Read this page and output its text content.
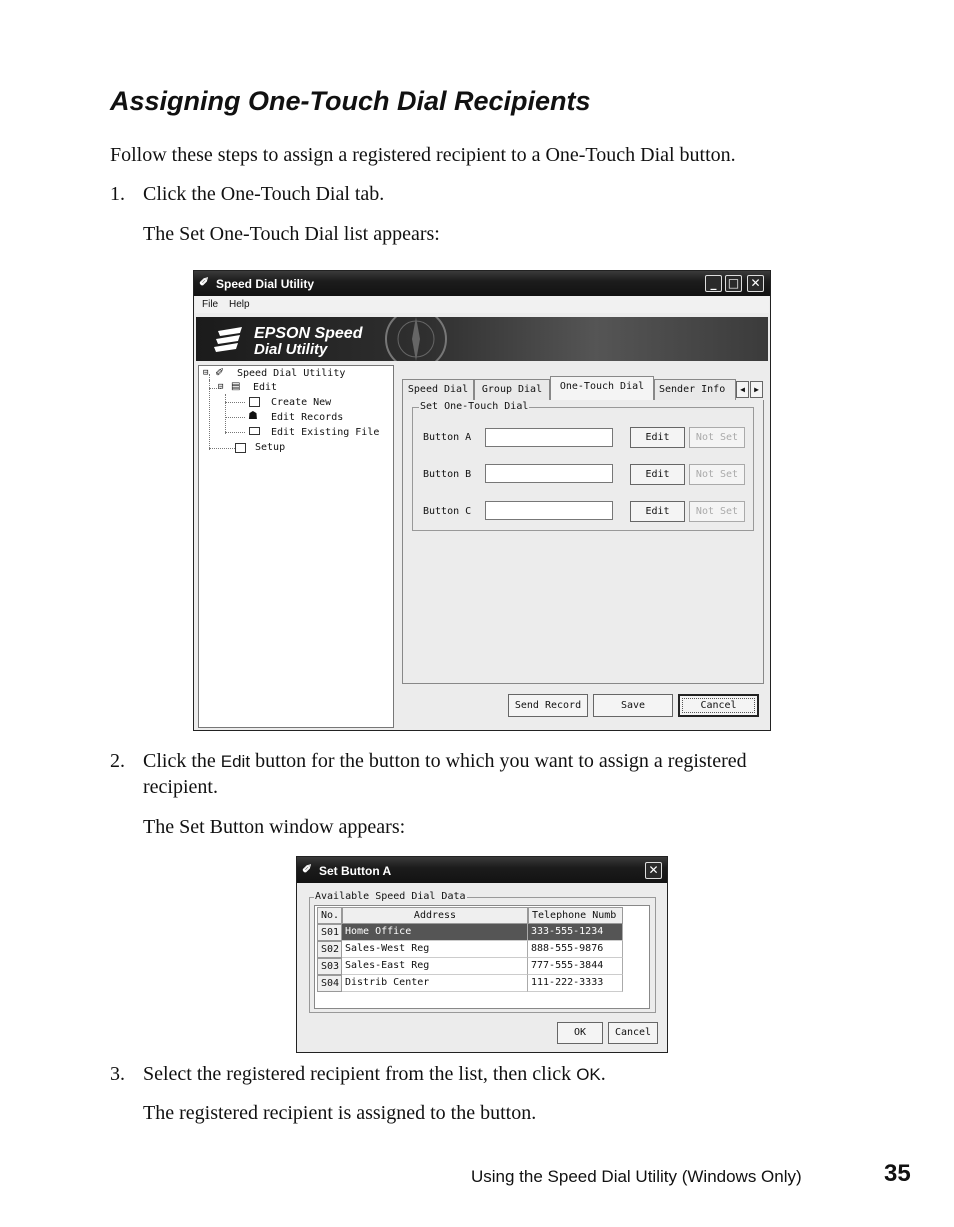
Assigning One-Touch Dial Recipients
Follow these steps to assign a registered recipient to a One-Touch Dial button.
1. Click the One-Touch Dial tab.
The Set One-Touch Dial list appears:
✐ Speed Dial Utility	_ □ ✕
File Help
EPSON Speed
Dial Utility
⊟ ✐ Speed Dial Utility
⊟ ▤ Edit
Create New
☗ Edit Records
Edit Existing File
Setup
Speed Dial	Group Dial	One-Touch Dial	Sender Info	◀	▶
Set One-Touch Dial
Button A	Edit	Not Set
Button B	Edit	Not Set
Button C	Edit	Not Set
Send Record	Save	Cancel
2. Click the Edit button for the button to which you want to assign a registered
recipient.
The Set Button window appears:
✐ Set Button A	✕
Available Speed Dial Data
No.	Address	Telephone Numb
S01 Home Office	333-555-1234
S02 Sales-West Reg	888-555-9876
S03 Sales-East Reg	777-555-3844
S04 Distrib Center	111-222-3333
OK	Cancel
3. Select the registered recipient from the list, then click OK.
The registered recipient is assigned to the button.
Using the Speed Dial Utility (Windows Only)	35
